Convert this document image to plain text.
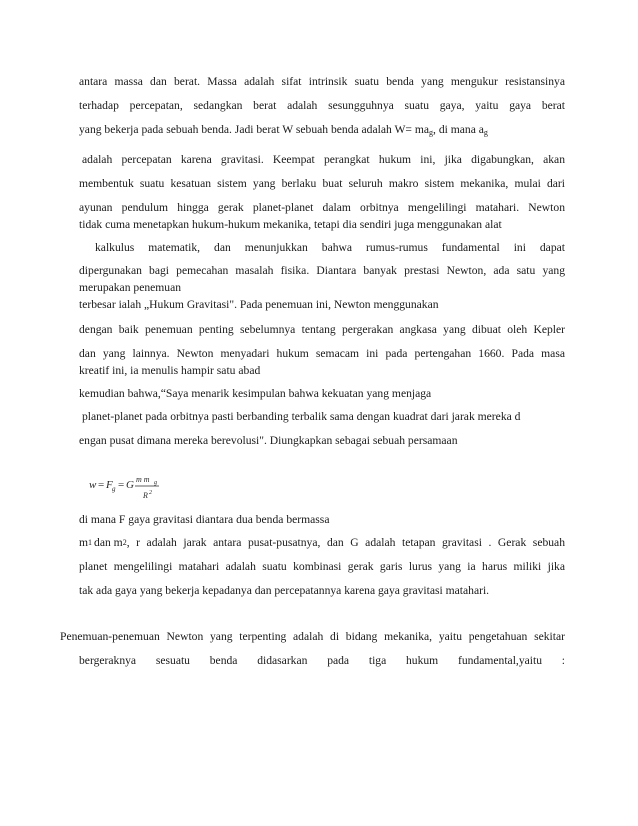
antara massa dan berat. Massa adalah sifat intrinsik suatu benda yang mengukur resistansinya
terhadap percepatan, sedangkan berat adalah sesungguhnya suatu gaya, yaitu gaya berat
yang bekerja pada sebuah benda. Jadi berat W sebuah benda adalah $W= ma_g$, di mana $a_g$
adalah percepatan karena gravitasi. Keempat perangkat hukum ini, jika digabungkan, akan
membentuk suatu kesatuan sistem yang berlaku buat seluruh makro sistem mekanika, mulai dari
ayunan pendulum hingga gerak planet-planet dalam orbitnya mengelilingi matahari. Newton
tidak cuma menetapkan hukum-hukum mekanika, tetapi dia sendiri juga menggunakan alat
kalkulus matematik, dan menunjukkan bahwa rumus-rumus fundamental ini dapat
dipergunakan bagi pemecahan masalah fisika. Diantara banyak prestasi Newton, ada satu yang
merupakan penemuan
terbesar ialah „Hukum Gravitasi". Pada penemuan ini, Newton menggunakan
dengan baik penemuan penting sebelumnya tentang pergerakan angkasa yang dibuat oleh Kepler
dan yang lainnya. Newton menyadari hukum semacam ini pada pertengahan 1660. Pada masa
kreatif ini, ia menulis hampir satu abad
kemudian bahwa,“Saya menarik kesimpulan bahwa kekuatan yang menjaga
planet-planet pada orbitnya pasti berbanding terbalik sama dengan kuadrat dari jarak mereka d
engan pusat dimana mereka berevolusi". Diungkapkan sebagai sebuah persamaan
w = F g = G m m g
R 2
di mana F gaya gravitasi diantara dua benda bermassa
m 1 dan m 2 , r adalah jarak antara pusat-pusatnya, dan G adalah tetapan gravitasi . Gerak sebuah
planet mengelilingi matahari adalah suatu kombinasi gerak garis lurus yang ia harus miliki jika
tak ada gaya yang bekerja kepadanya dan percepatannya karena gaya gravitasi matahari.
Penemuan-penemuan Newton yang terpenting adalah di bidang mekanika, yaitu pengetahuan sekitar
bergeraknya sesuatu benda didasarkan pada tiga hukum fundamental,yaitu :
